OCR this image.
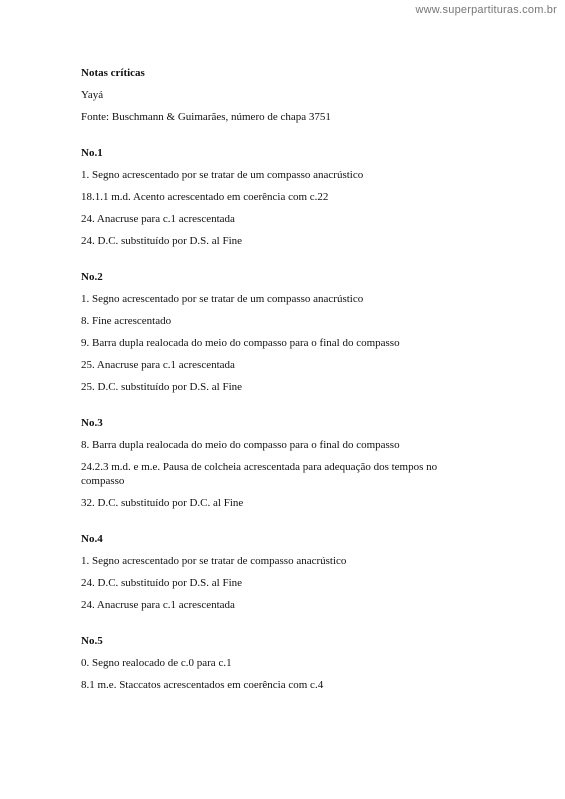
www.superpartituras.com.br
Notas críticas
Yayá
Fonte: Buschmann & Guimarães, número de chapa 3751
No.1
1. Segno acrescentado por se tratar de um compasso anacrústico
18.1.1 m.d. Acento acrescentado em coerência com c.22
24. Anacruse para c.1 acrescentada
24. D.C. substituído por D.S. al Fine
No.2
1. Segno acrescentado por se tratar de um compasso anacrústico
8. Fine acrescentado
9. Barra dupla realocada do meio do compasso para o final do compasso
25. Anacruse para c.1 acrescentada
25. D.C. substituído por D.S. al Fine
No.3
8. Barra dupla realocada do meio do compasso para o final do compasso
24.2.3 m.d. e m.e. Pausa de colcheia acrescentada para adequação dos tempos no compasso
32. D.C. substituído por D.C. al Fine
No.4
1. Segno acrescentado por se tratar de compasso anacrústico
24. D.C. substituído por D.S. al Fine
24. Anacruse para c.1 acrescentada
No.5
0. Segno realocado de c.0 para c.1
8.1 m.e. Staccatos acrescentados em coerência com c.4
